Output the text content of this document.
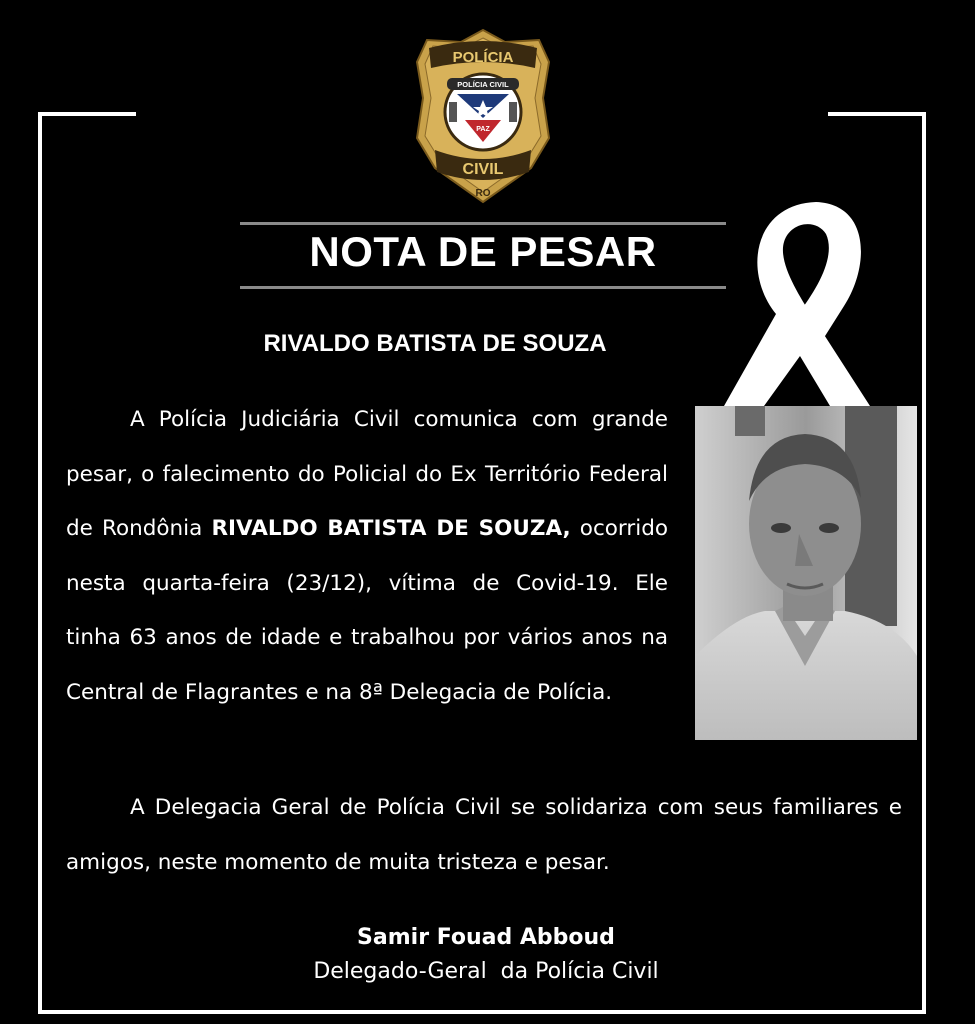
POLÍCIA
POLÍCIA CIVIL
PAZ
CIVIL
RO
NOTA DE PESAR
RIVALDO BATISTA DE SOUZA
A Polícia Judiciária Civil comunica com grande pesar, o falecimento do Policial do Ex Território Federal de Rondônia RIVALDO BATISTA DE SOUZA, ocorrido nesta quarta-feira (23/12), vítima de Covid-19. Ele tinha 63 anos de idade e trabalhou por vários anos na Central de Flagrantes e na 8ª Delegacia de Polícia.
A Delegacia Geral de Polícia Civil se solidariza com seus familiares e amigos, neste momento de muita tristeza e pesar.
Samir Fouad Abboud
Delegado-Geral  da Polícia Civil
